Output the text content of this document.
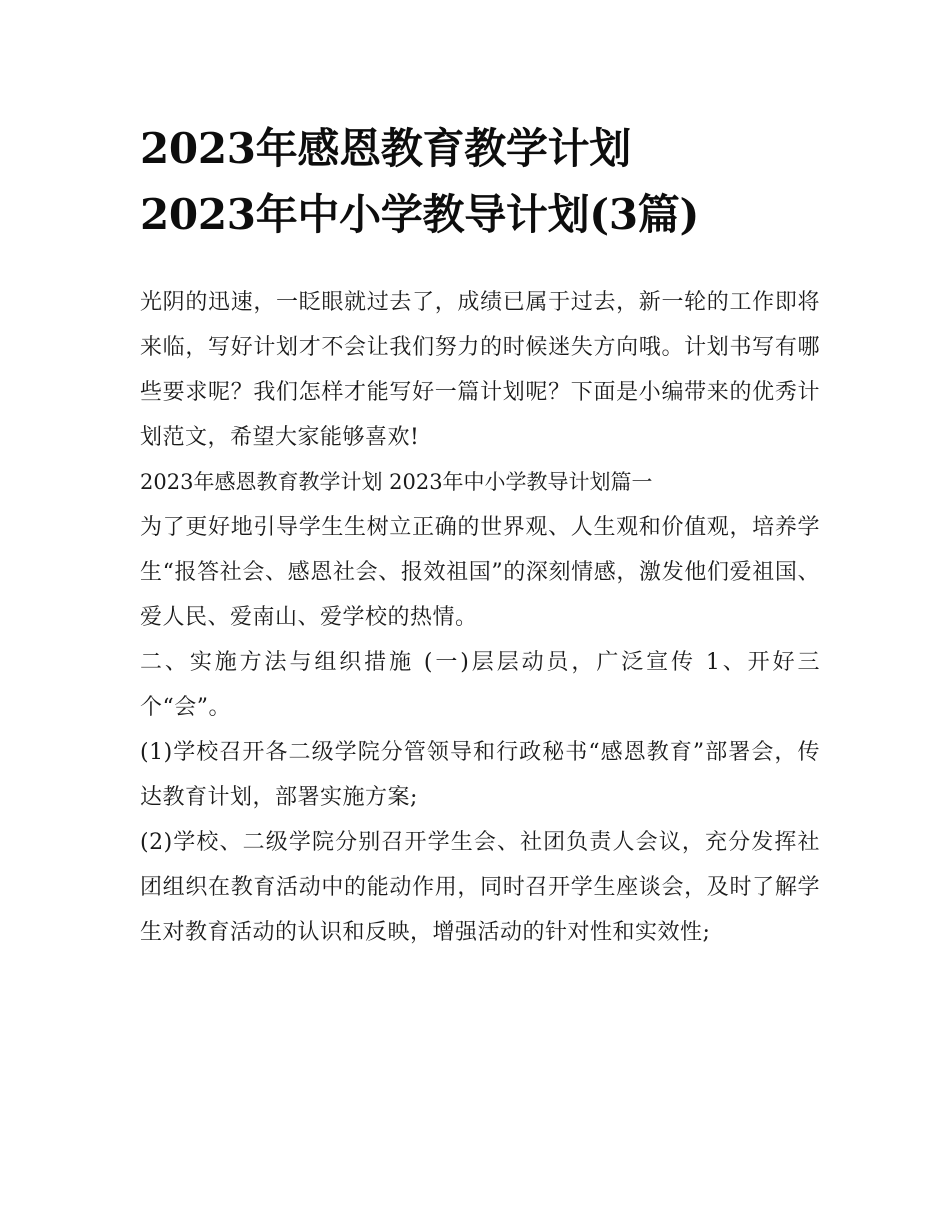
2023年感恩教育教学计划
2023年中小学教导计划(3篇)

光阴的迅速，一眨眼就过去了，成绩已属于过去，新一轮的工作即将来临，写好计划才不会让我们努力的时候迷失方向哦。计划书写有哪些要求呢？我们怎样才能写好一篇计划呢？下面是小编带来的优秀计划范文，希望大家能够喜欢!

2023年感恩教育教学计划 2023年中小学教导计划篇一

为了更好地引导学生生树立正确的世界观、人生观和价值观，培养学生“报答社会、感恩社会、报效祖国”的深刻情感，激发他们爱祖国、爱人民、爱南山、爱学校的热情。

二、实施方法与组织措施 (一)层层动员，广泛宣传 1、开好三个“会”。

(1)学校召开各二级学院分管领导和行政秘书“感恩教育”部署会，传达教育计划，部署实施方案;

(2)学校、二级学院分别召开学生会、社团负责人会议，充分发挥社团组织在教育活动中的能动作用，同时召开学生座谈会，及时了解学生对教育活动的认识和反映，增强活动的针对性和实效性;
